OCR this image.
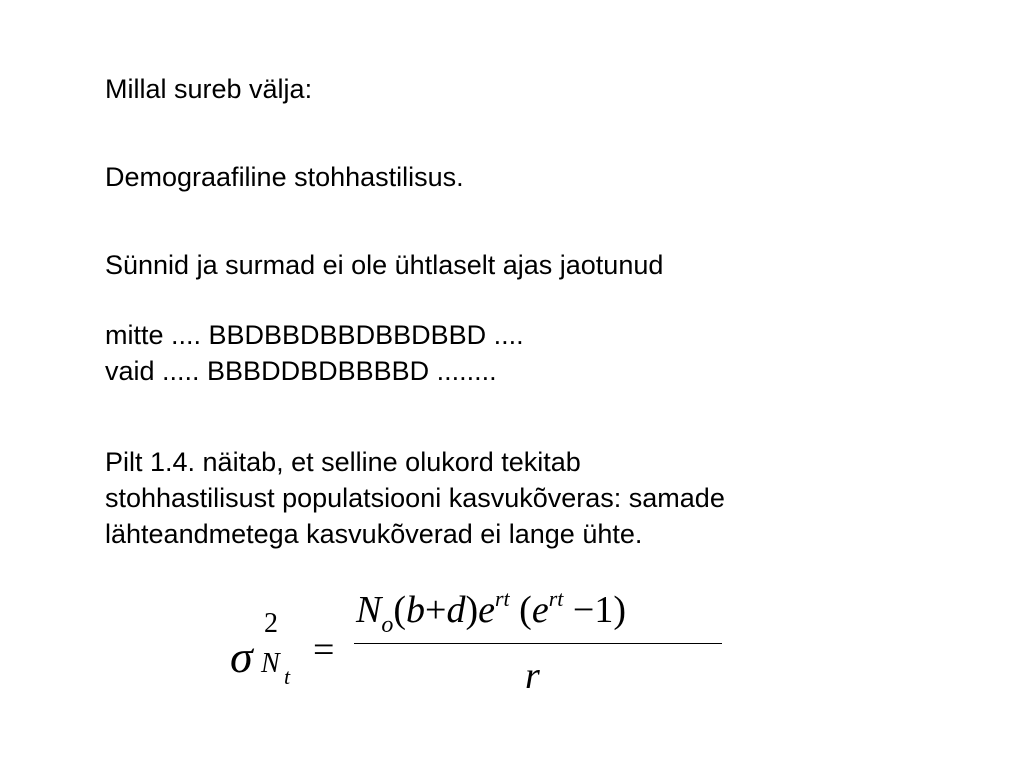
Millal sureb välja:
Demograafiline stohhastilisus.
Sünnid ja surmad ei ole ühtlaselt ajas jaotunud
mitte .... BBDBBDBBDBBDBBD ....
vaid ..... BBBDDBDBBBBD ........
Pilt 1.4. näitab, et selline olukord tekitab
stohhastilisust populatsiooni kasvukõveras: samade
lähteandmetega kasvukõverad ei lange ühte.
σ
2
N t
=
$N_o(b+d)e^{rt}$ $(e^{rt} -1)$
r
